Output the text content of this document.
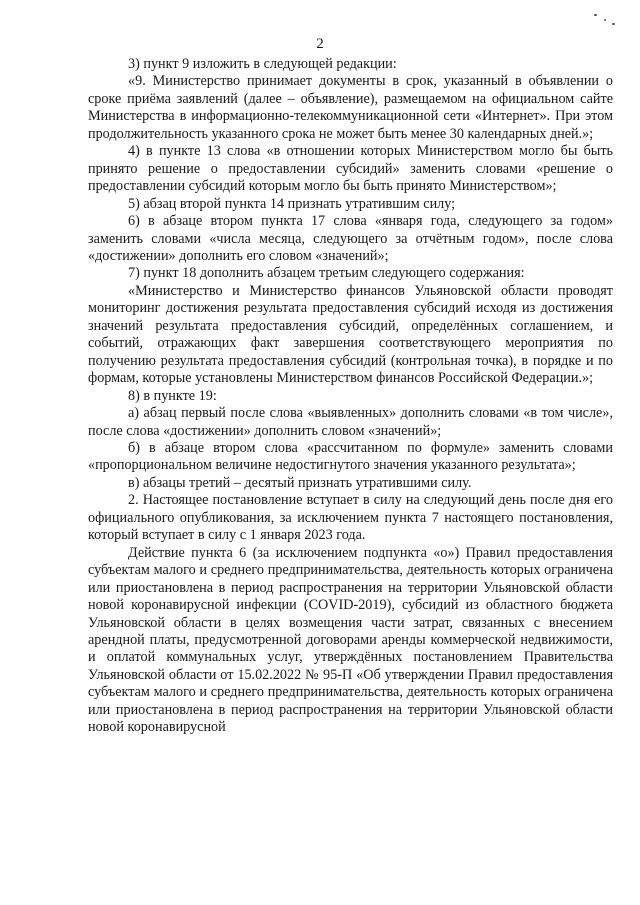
2

3) пункт 9 изложить в следующей редакции:

«9. Министерство принимает документы в срок, указанный в объявлении о сроке приёма заявлений (далее – объявление), размещаемом на официальном сайте Министерства в информационно-телекоммуникационной сети «Интернет». При этом продолжительность указанного срока не может быть менее 30 календарных дней.»;

4) в пункте 13 слова «в отношении которых Министерством могло бы быть принято решение о предоставлении субсидий» заменить словами «решение о предоставлении субсидий которым могло бы быть принято Министерством»;

5) абзац второй пункта 14 признать утратившим силу;

6) в абзаце втором пункта 17 слова «января года, следующего за годом» заменить словами «числа месяца, следующего за отчётным годом», после слова «достижении» дополнить его словом «значений»;

7) пункт 18 дополнить абзацем третьим следующего содержания:

«Министерство и Министерство финансов Ульяновской области проводят мониторинг достижения результата предоставления субсидий исходя из достижения значений результата предоставления субсидий, определённых соглашением, и событий, отражающих факт завершения соответствующего мероприятия по получению результата предоставления субсидий (контрольная точка), в порядке и по формам, которые установлены Министерством финансов Российской Федерации.»;

8) в пункте 19:

а) абзац первый после слова «выявленных» дополнить словами «в том числе», после слова «достижении» дополнить словом «значений»;

б) в абзаце втором слова «рассчитанном по формуле» заменить словами «пропорциональном величине недостигнутого значения указанного результата»;

в) абзацы третий – десятый признать утратившими силу.

2. Настоящее постановление вступает в силу на следующий день после дня его официального опубликования, за исключением пункта 7 настоящего постановления, который вступает в силу с 1 января 2023 года.

Действие пункта 6 (за исключением подпункта «о») Правил предоставления субъектам малого и среднего предпринимательства, деятельность которых ограничена или приостановлена в период распространения на территории Ульяновской области новой коронавирусной инфекции (COVID-2019), субсидий из областного бюджета Ульяновской области в целях возмещения части затрат, связанных с внесением арендной платы, предусмотренной договорами аренды коммерческой недвижимости, и оплатой коммунальных услуг, утверждённых постановлением Правительства Ульяновской области от 15.02.2022 № 95-П «Об утверждении Правил предоставления субъектам малого и среднего предпринимательства, деятельность которых ограничена или приостановлена в период распространения на территории Ульяновской области новой коронавирусной
